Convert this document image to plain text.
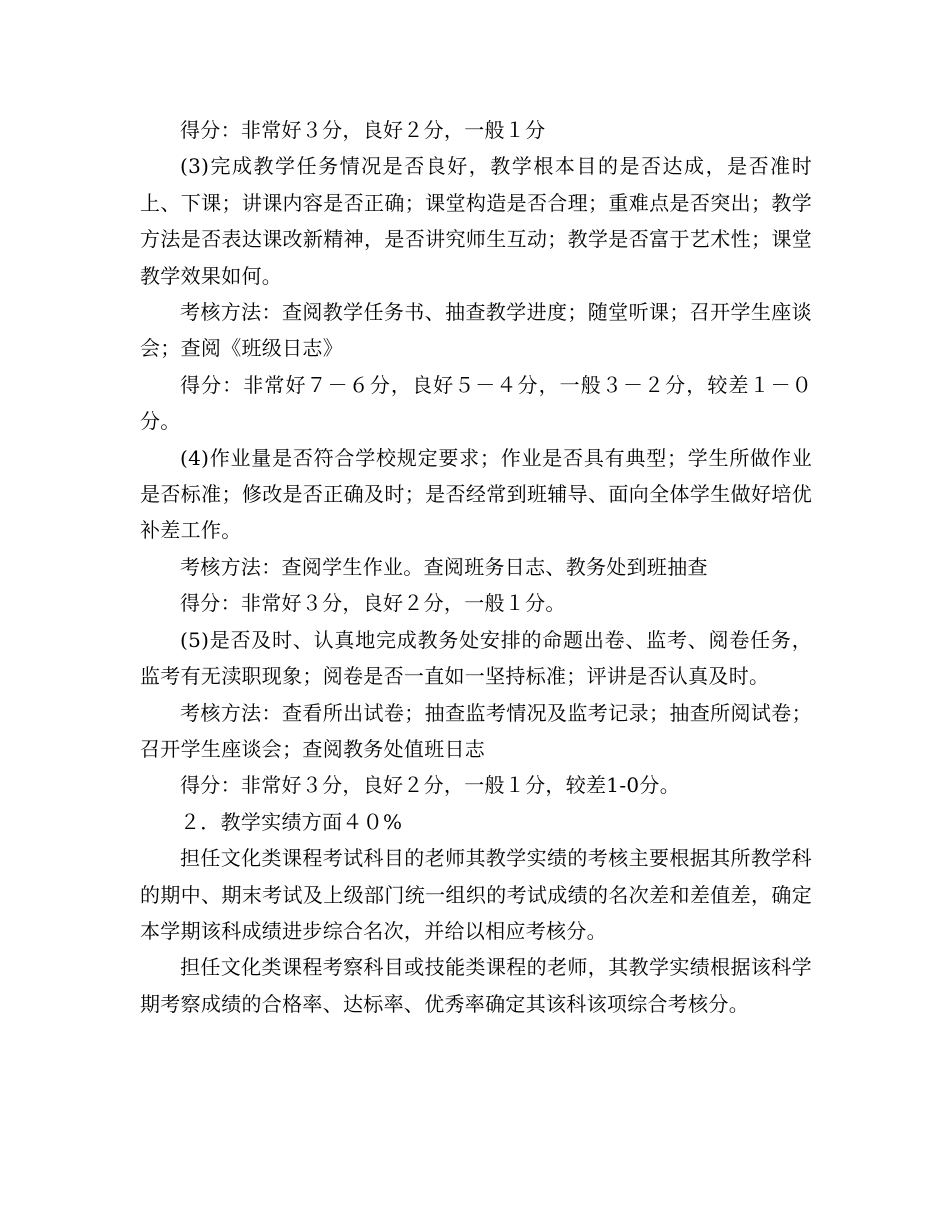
得分：非常好３分，良好２分，一般１分

(3)完成教学任务情况是否良好，教学根本目的是否达成，是否准时上、下课；讲课内容是否正确；课堂构造是否合理；重难点是否突出；教学方法是否表达课改新精神，是否讲究师生互动；教学是否富于艺术性；课堂教学效果如何。

考核方法：查阅教学任务书、抽查教学进度；随堂听课；召开学生座谈会；查阅《班级日志》

得分：非常好７－６分，良好５－４分，一般３－２分，较差１－０分。

(4)作业量是否符合学校规定要求；作业是否具有典型；学生所做作业是否标准；修改是否正确及时；是否经常到班辅导、面向全体学生做好培优补差工作。

考核方法：查阅学生作业。查阅班务日志、教务处到班抽查

得分：非常好３分，良好２分，一般１分。

(5)是否及时、认真地完成教务处安排的命题出卷、监考、阅卷任务，监考有无渎职现象；阅卷是否一直如一坚持标准；评讲是否认真及时。

考核方法：查看所出试卷；抽查监考情况及监考记录；抽查所阅试卷；召开学生座谈会；查阅教务处值班日志

得分：非常好３分，良好２分，一般１分，较差1-0分。

２．教学实绩方面４０%

担任文化类课程考试科目的老师其教学实绩的考核主要根据其所教学科的期中、期末考试及上级部门统一组织的考试成绩的名次差和差值差，确定本学期该科成绩进步综合名次，并给以相应考核分。

担任文化类课程考察科目或技能类课程的老师，其教学实绩根据该科学期考察成绩的合格率、达标率、优秀率确定其该科该项综合考核分。
